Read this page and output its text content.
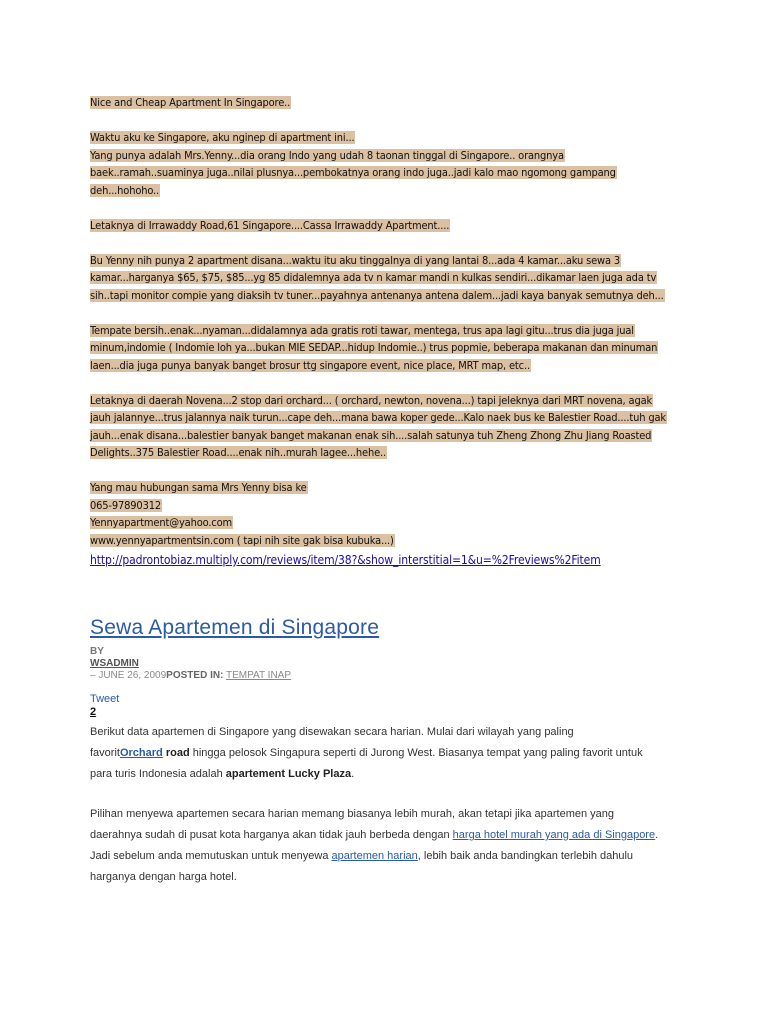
Nice and Cheap Apartment In Singapore..
Waktu aku ke Singapore, aku nginep di apartment ini...
Yang punya adalah Mrs.Yenny...dia orang Indo yang udah 8 taonan tinggal di Singapore.. orangnya
baek..ramah..suaminya juga..nilai plusnya...pembokatnya orang indo juga..jadi kalo mao ngomong gampang
deh...hohoho..
Letaknya di Irrawaddy Road,61 Singapore....Cassa Irrawaddy Apartment....
Bu Yenny nih punya 2 apartment disana...waktu itu aku tinggalnya di yang lantai 8...ada 4 kamar...aku sewa 3
kamar...harganya $65, $75, $85...yg 85 didalemnya ada tv n kamar mandi n kulkas sendiri...dikamar laen juga ada tv
sih..tapi monitor compie yang diaksih tv tuner...payahnya antenanya antena dalem...jadi kaya banyak semutnya deh...
Tempate bersih..enak...nyaman...didalamnya ada gratis roti tawar, mentega, trus apa lagi gitu...trus dia juga jual
minum,indomie ( Indomie loh ya...bukan MIE SEDAP...hidup Indomie..) trus popmie, beberapa makanan dan minuman
laen...dia juga punya banyak banget brosur ttg singapore event, nice place, MRT map, etc..
Letaknya di daerah Novena...2 stop dari orchard... ( orchard, newton, novena...) tapi jeleknya dari MRT novena, agak
jauh jalannye...trus jalannya naik turun...cape deh...mana bawa koper gede...Kalo naek bus ke Balestier Road....tuh gak
jauh...enak disana...balestier banyak banget makanan enak sih....salah satunya tuh Zheng Zhong Zhu Jiang Roasted
Delights..375 Balestier Road....enak nih..murah lagee...hehe..
Yang mau hubungan sama Mrs Yenny bisa ke
065-97890312
Yennyapartment@yahoo.com
www.yennyapartmentsin.com ( tapi nih site gak bisa kubuka...)
http://padrontobiaz.multiply.com/reviews/item/38?&show_interstitial=1&u=%2Freviews%2Fitem
Sewa Apartemen di Singapore
BY
WSADMIN
– JUNE 26, 2009POSTED IN: TEMPAT INAP
Tweet
2
Berikut data apartemen di Singapore yang disewakan secara harian. Mulai dari wilayah yang paling
favoritOrchard road hingga pelosok Singapura seperti di Jurong West. Biasanya tempat yang paling favorit untuk
para turis Indonesia adalah apartement Lucky Plaza.
Pilihan menyewa apartemen secara harian memang biasanya lebih murah, akan tetapi jika apartemen yang
daerahnya sudah di pusat kota harganya akan tidak jauh berbeda dengan harga hotel murah yang ada di Singapore.
Jadi sebelum anda memutuskan untuk menyewa apartemen harian, lebih baik anda bandingkan terlebih dahulu
harganya dengan harga hotel.
